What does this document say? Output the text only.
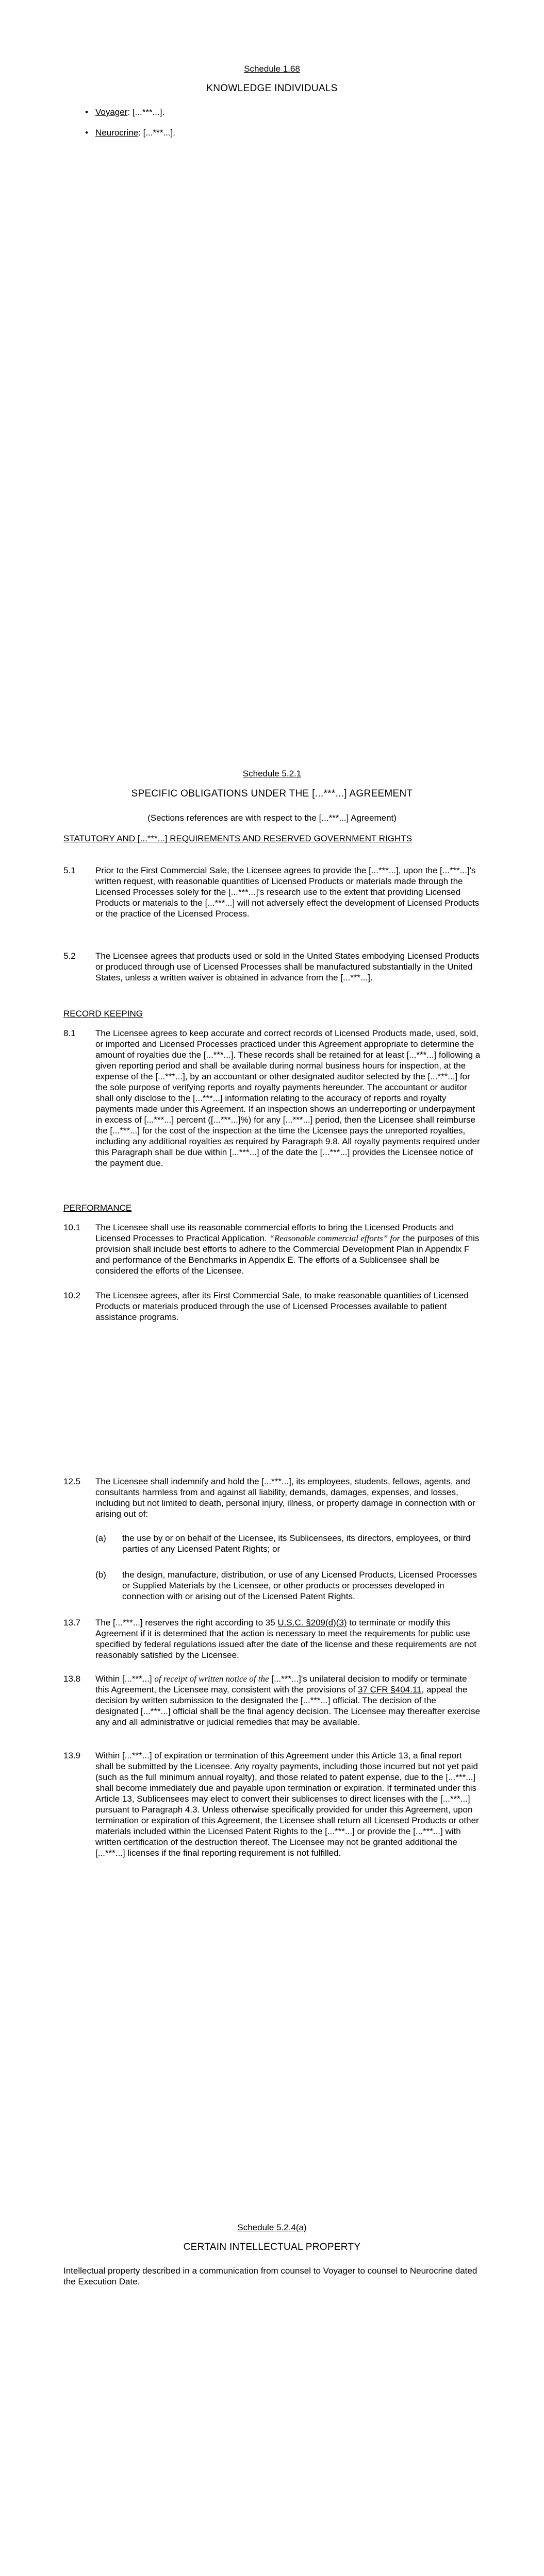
Schedule 1.68
KNOWLEDGE INDIVIDUALS
• Voyager: [...***...].
• Neurocrine: [...***...].
Schedule 5.2.1
SPECIFIC OBLIGATIONS UNDER THE [...***...] AGREEMENT
(Sections references are with respect to the [...***...] Agreement)
STATUTORY AND [...***...] REQUIREMENTS AND RESERVED GOVERNMENT RIGHTS
5.1	Prior to the First Commercial Sale, the Licensee agrees to provide the [...***...], upon the [...***...]'s written request, with reasonable quantities of Licensed Products or materials made through the Licensed Processes solely for the [...***...]'s research use to the extent that providing Licensed Products or materials to the [...***...] will not adversely effect the development of Licensed Products or the practice of the Licensed Process.
5.2	The Licensee agrees that products used or sold in the United States embodying Licensed Products or produced through use of Licensed Processes shall be manufactured substantially in the United States, unless a written waiver is obtained in advance from the [...***...].
RECORD KEEPING
8.1	The Licensee agrees to keep accurate and correct records of Licensed Products made, used, sold, or imported and Licensed Processes practiced under this Agreement appropriate to determine the amount of royalties due the [...***...]. These records shall be retained for at least [...***...] following a given reporting period and shall be available during normal business hours for inspection, at the expense of the [...***...], by an accountant or other designated auditor selected by the [...***...] for the sole purpose of verifying reports and royalty payments hereunder. The accountant or auditor shall only disclose to the [...***...] information relating to the accuracy of reports and royalty payments made under this Agreement. If an inspection shows an underreporting or underpayment in excess of [...***...] percent ([...***...]%) for any [...***...] period, then the Licensee shall reimburse the [...***...] for the cost of the inspection at the time the Licensee pays the unreported royalties, including any additional royalties as required by Paragraph 9.8. All royalty payments required under this Paragraph shall be due within [...***...] of the date the [...***...] provides the Licensee notice of the payment due.
PERFORMANCE
10.1	The Licensee shall use its reasonable commercial efforts to bring the Licensed Products and Licensed Processes to Practical Application. “Reasonable commercial efforts” for the purposes of this provision shall include best efforts to adhere to the Commercial Development Plan in Appendix F and performance of the Benchmarks in Appendix E. The efforts of a Sublicensee shall be considered the efforts of the Licensee.
10.2	The Licensee agrees, after its First Commercial Sale, to make reasonable quantities of Licensed Products or materials produced through the use of Licensed Processes available to patient assistance programs.
12.5	The Licensee shall indemnify and hold the [...***...], its employees, students, fellows, agents, and consultants harmless from and against all liability, demands, damages, expenses, and losses, including but not limited to death, personal injury, illness, or property damage in connection with or arising out of:
(a) the use by or on behalf of the Licensee, its Sublicensees, its directors, employees, or third parties of any Licensed Patent Rights; or
(b) the design, manufacture, distribution, or use of any Licensed Products, Licensed Processes or Supplied Materials by the Licensee, or other products or processes developed in connection with or arising out of the Licensed Patent Rights.
13.7	The [...***...] reserves the right according to 35 U.S.C. §209(d)(3) to terminate or modify this Agreement if it is determined that the action is necessary to meet the requirements for public use specified by federal regulations issued after the date of the license and these requirements are not reasonably satisfied by the Licensee.
13.8	Within [...***...] of receipt of written notice of the [...***...]'s unilateral decision to modify or terminate this Agreement, the Licensee may, consistent with the provisions of 37 CFR §404.11, appeal the decision by written submission to the designated the [...***...] official. The decision of the designated [...***...] official shall be the final agency decision. The Licensee may thereafter exercise any and all administrative or judicial remedies that may be available.
13.9	Within [...***...] of expiration or termination of this Agreement under this Article 13, a final report shall be submitted by the Licensee. Any royalty payments, including those incurred but not yet paid (such as the full minimum annual royalty), and those related to patent expense, due to the [...***...] shall become immediately due and payable upon termination or expiration. If terminated under this Article 13, Sublicensees may elect to convert their sublicenses to direct licenses with the [...***...] pursuant to Paragraph 4.3. Unless otherwise specifically provided for under this Agreement, upon termination or expiration of this Agreement, the Licensee shall return all Licensed Products or other materials included within the Licensed Patent Rights to the [...***...] or provide the [...***...] with written certification of the destruction thereof. The Licensee may not be granted additional the [...***...] licenses if the final reporting requirement is not fulfilled.
Schedule 5.2.4(a)
CERTAIN INTELLECTUAL PROPERTY
Intellectual property described in a communication from counsel to Voyager to counsel to Neurocrine dated the Execution Date.
